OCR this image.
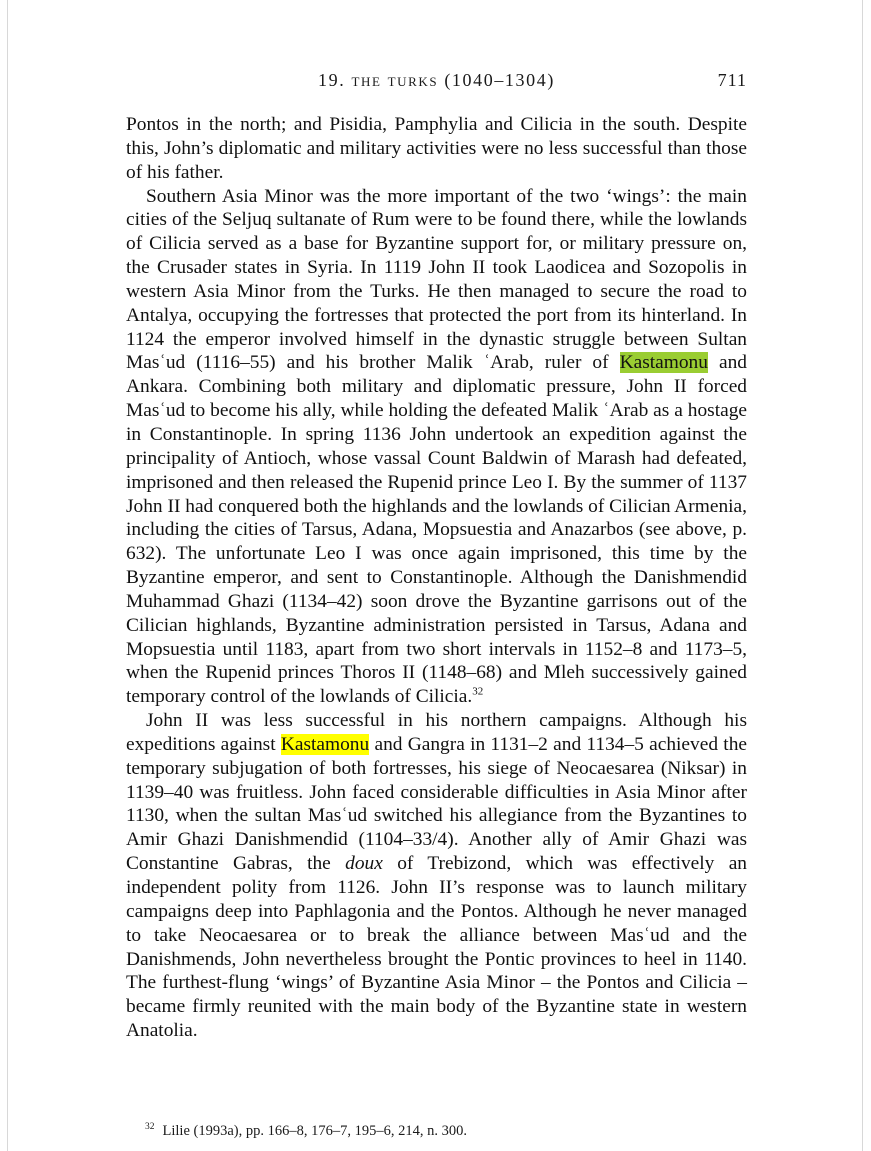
19. the turks (1040–1304)	711

Pontos in the north; and Pisidia, Pamphylia and Cilicia in the south. Despite this, John’s diplomatic and military activities were no less successful than those of his father.

Southern Asia Minor was the more important of the two ‘wings’: the main cities of the Seljuq sultanate of Rum were to be found there, while the lowlands of Cilicia served as a base for Byzantine support for, or military pressure on, the Crusader states in Syria. In 1119 John II took Laodicea and Sozopolis in western Asia Minor from the Turks. He then managed to secure the road to Antalya, occupying the fortresses that protected the port from its hinterland. In 1124 the emperor involved himself in the dynastic struggle between Sultan Masʿud (1116–55) and his brother Malik ʿArab, ruler of Kastamonu and Ankara. Combining both military and diplomatic pressure, John II forced Masʿud to become his ally, while holding the defeated Malik ʿArab as a hostage in Constantinople. In spring 1136 John undertook an expedition against the principality of Antioch, whose vassal Count Baldwin of Marash had defeated, imprisoned and then released the Rupenid prince Leo I. By the summer of 1137 John II had conquered both the highlands and the lowlands of Cilician Armenia, including the cities of Tarsus, Adana, Mopsuestia and Anazarbos (see above, p. 632). The unfortunate Leo I was once again imprisoned, this time by the Byzantine emperor, and sent to Constantinople. Although the Danishmendid Muhammad Ghazi (1134–42) soon drove the Byzantine garrisons out of the Cilician highlands, Byzantine administration persisted in Tarsus, Adana and Mopsuestia until 1183, apart from two short intervals in 1152–8 and 1173–5, when the Rupenid princes Thoros II (1148–68) and Mleh successively gained temporary control of the lowlands of Cilicia.$^{32}$

John II was less successful in his northern campaigns. Although his expeditions against Kastamonu and Gangra in 1131–2 and 1134–5 achieved the temporary subjugation of both fortresses, his siege of Neocaesarea (Niksar) in 1139–40 was fruitless. John faced considerable difficulties in Asia Minor after 1130, when the sultan Masʿud switched his allegiance from the Byzantines to Amir Ghazi Danishmendid (1104–33/4). Another ally of Amir Ghazi was Constantine Gabras, the doux of Trebizond, which was effectively an independent polity from 1126. John II’s response was to launch military campaigns deep into Paphlagonia and the Pontos. Although he never managed to take Neocaesarea or to break the alliance between Masʿud and the Danishmends, John nevertheless brought the Pontic provinces to heel in 1140. The furthest-flung ‘wings’ of Byzantine Asia Minor – the Pontos and Cilicia – became firmly reunited with the main body of the Byzantine state in western Anatolia.

$^{32}$ Lilie (1993a), pp. 166–8, 176–7, 195–6, 214, n. 300.
